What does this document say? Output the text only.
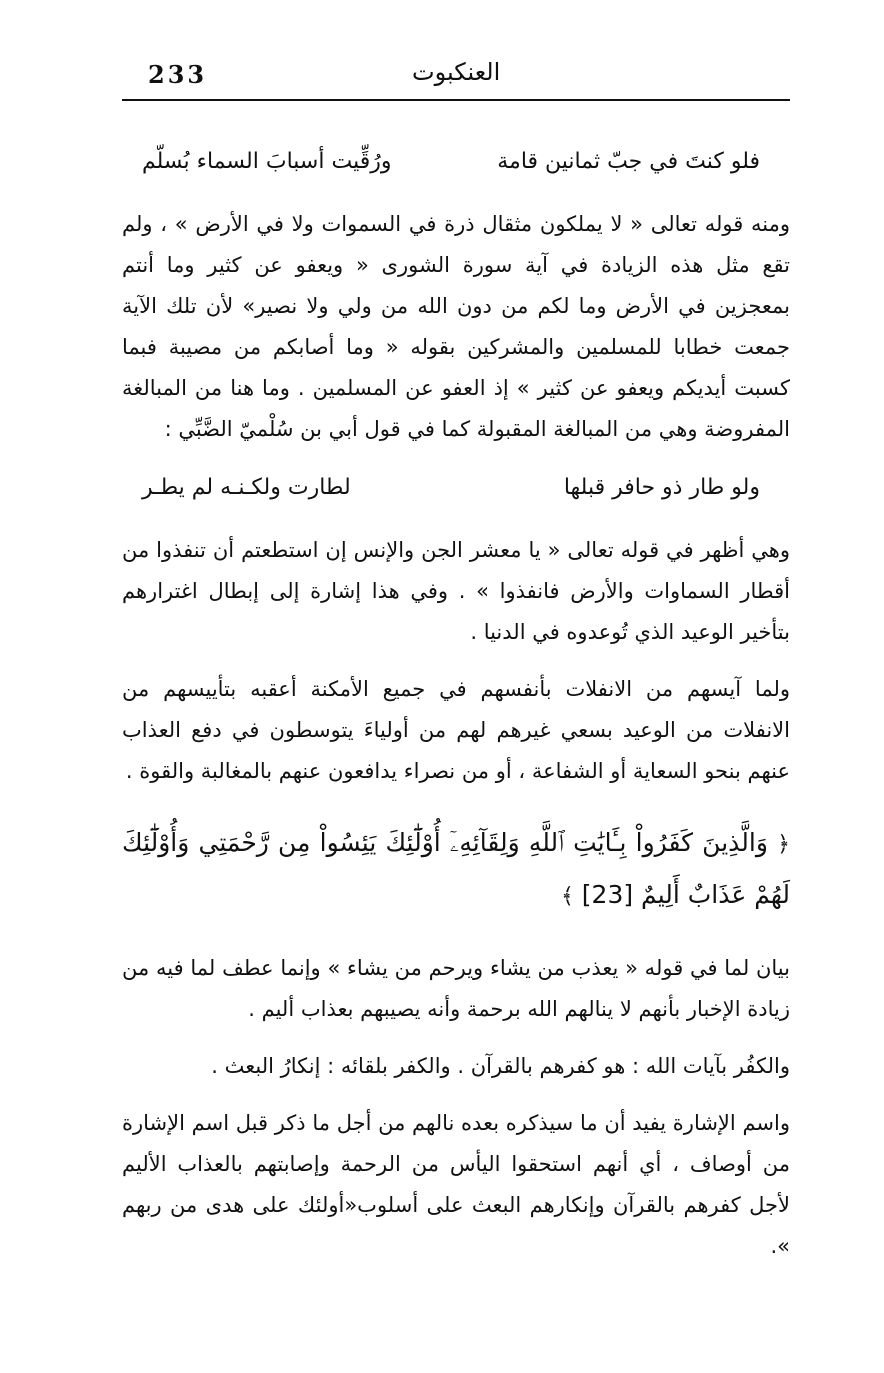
233	العنكبوت
فلو كنتَ في جبّ ثمانين قامة
ورُقِّيت أسبابَ السماء بُسلّم

ومنه قوله تعالى « لا يملكون مثقال ذرة في السموات ولا في الأرض » ، ولم تقع مثل هذه الزيادة في آية سورة الشورى « ويعفو عن كثير وما أنتم بمعجزين في الأرض وما لكم من دون الله من ولي ولا نصير» لأن تلك الآية جمعت خطابا للمسلمين والمشركين بقوله « وما أصابكم من مصيبة فبما كسبت أيديكم ويعفو عن كثير » إذ العفو عن المسلمين . وما هنا من المبالغة المفروضة وهي من المبالغة المقبولة كما في قول أبي بن سُلْميّ الضَّبِّي :

ولو طار ذو حافر قبلها
لطارت ولكـنـه لم يطـر

وهي أظهر في قوله تعالى « يا معشر الجن والإنس إن استطعتم أن تنفذوا من أقطار السماوات والأرض فانفذوا » . وفي هذا إشارة إلى إبطال اغترارهم بتأخير الوعيد الذي تُوعدوه في الدنيا .

ولما آيسهم من الانفلات بأنفسهم في جميع الأمكنة أعقبه بتأييسهم من الانفلات من الوعيد بسعي غيرهم لهم من أولياءَ يتوسطون في دفع العذاب عنهم بنحو السعاية أو الشفاعة ، أو من نصراء يدافعون عنهم بالمغالبة والقوة .

﴿ وَالَّذِينَ كَفَرُواْ بِـَٔايَٰتِ ٱللَّهِ وَلِقَآئِهِۦٓ أُوْلَٰٓئِكَ يَئِسُواْ مِن رَّحْمَتِي وَأُوْلَٰٓئِكَ لَهُمْ عَذَابٌ أَلِيمٌ [23] ﴾

بيان لما في قوله « يعذب من يشاء ويرحم من يشاء » وإنما عطف لما فيه من زيادة الإخبار بأنهم لا ينالهم الله برحمة وأنه يصيبهم بعذاب أليم .

والكفُر بآيات الله : هو كفرهم بالقرآن . والكفر بلقائه : إنكارُ البعث .

واسم الإشارة يفيد أن ما سيذكره بعده نالهم من أجل ما ذكر قبل اسم الإشارة من أوصاف ، أي أنهم استحقوا اليأس من الرحمة وإصابتهم بالعذاب الأليم لأجل كفرهم بالقرآن وإنكارهم البعث على أسلوب«أولئك على هدى من ربهم ».
